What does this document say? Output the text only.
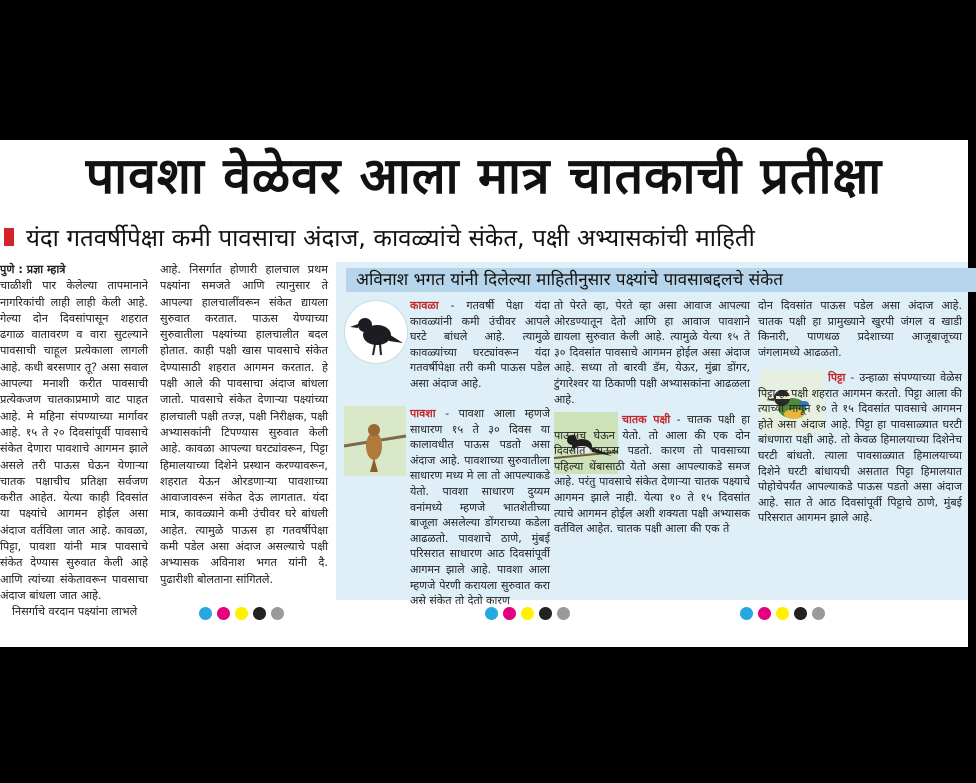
पावशा वेळेवर आला मात्र चातकाची प्रतीक्षा
यंदा गतवर्षीपेक्षा कमी पावसाचा अंदाज, कावळ्यांचे संकेत, पक्षी अभ्यासकांची माहिती

पुणे : प्रज्ञा म्हात्रे

चाळीशी पार केलेल्या तापमानाने नागरिकांची लाही लाही केली आहे. गेल्या दोन दिवसांपासून शहरात ढगाळ वातावरण व वारा सुटल्याने पावसाची चाहूल प्रत्येकाला लागली आहे. कधी बरसणार तू? असा सवाल आपल्या मनाशी करीत पावसाची प्रत्येकजण चातकाप्रमाणे वाट पाहत आहे. मे महिना संपण्याच्या मार्गावर आहे. १५ ते २० दिवसांपूर्वी पावसाचे संकेत देणारा पावशाचे आगमन झाले असले तरी पाऊस घेऊन येणाऱ्या चातक पक्षाचीच प्रतिक्षा सर्वजण करीत आहेत. येत्या काही दिवसांत या पक्ष्यांचे आगमन होईल असा अंदाज वर्तविला जात आहे. कावळा, पिट्टा, पावशा यांनी मात्र पावसाचे संकेत देण्यास सुरुवात केली आहे आणि त्यांच्या संकेतावरून पावसाचा अंदाज बांधला जात आहे.

निसर्गाचे वरदान पक्ष्यांना लाभले

आहे. निसर्गात होणारी हालचाल प्रथम पक्ष्यांना समजते आणि त्यानुसार ते आपल्या हालचालींवरून संकेत द्यायला सुरुवात करतात. पाऊस येण्याच्या सुरुवातीला पक्ष्यांच्या हालचालीत बदल होतात. काही पक्षी खास पावसाचे संकेत देण्यासाठी शहरात आगमन करतात. हे पक्षी आले की पावसाचा अंदाज बांधला जातो. पावसाचे संकेत देणाऱ्या पक्ष्यांच्या हालचाली पक्षी तज्ज्ञ, पक्षी निरीक्षक, पक्षी अभ्यासकांनी टिपण्यास सुरुवात केली आहे. कावळा आपल्या घरट्यांवरून, पिट्टा हिमालयाच्या दिशेने प्रस्थान करण्यावरून, शहरात येऊन ओरडणाऱ्या पावशाच्या आवाजावरून संकेत देऊ लागतात. यंदा मात्र, कावळ्याने कमी उंचीवर घरे बांधली आहेत. त्यामुळे पाऊस हा गतवर्षीपेक्षा कमी पडेल असा अंदाज असल्याचे पक्षी अभ्यासक अविनाश भगत यांनी दै. पुढारीशी बोलताना सांगितले.

अविनाश भगत यांनी दिलेल्या माहितीनुसार पक्ष्यांचे पावसाबद्दलचे संकेत

कावळा - गतवर्षी पेक्षा यंदा कावळ्यांनी कमी उंचीवर आपले घरटे बांधले आहे. त्यामुळे कावळ्यांच्या घरट्यांवरून यंदा गतवर्षीपेक्षा तरी कमी पाऊस पडेल असा अंदाज आहे.

पावशा - पावशा आला म्हणजे साधारण १५ ते ३० दिवस या कालावधीत पाऊस पडतो असा अंदाज आहे. पावशाच्या सुरुवातीला साधारण मध्य मे ला तो आपल्याकडे येतो. पावशा साधारण दुय्यम वनांमध्ये म्हणजे भातशेतीच्या बाजूला असलेल्या डोंगराच्या कडेला आढळतो. पावशाचे ठाणे, मुंबई परिसरात साधारण आठ दिवसांपूर्वी आगमन झाले आहे. पावशा आला म्हणजे पेरणी करायला सुरुवात करा असे संकेत तो देतो कारण

तो पेरते व्हा, पेरते व्हा असा आवाज आपल्या ओरडण्यातून देतो आणि हा आवाज पावशाने द्यायला सुरुवात केली आहे. त्यामुळे येत्या १५ ते ३० दिवसांत पावसाचे आगमन होईल असा अंदाज आहे. सध्या तो बारवी डॅम, येऊर, मुंब्रा डोंगर, टुंगारेश्वर या ठिकाणी पक्षी अभ्यासकांना आढळला आहे.

चातक पक्षी - चातक पक्षी हा पाऊसच घेऊन येतो. तो आला की एक दोन दिवसांत पाऊस पडतो. कारण तो पावसाच्या पहिल्या थेंबासाठी येतो असा आपल्याकडे समज आहे. परंतु पावसाचे संकेत देणाऱ्या चातक पक्ष्याचे आगमन झाले नाही. येत्या १० ते १५ दिवसांत त्याचे आगमन होईल अशी शक्यता पक्षी अभ्यासक वर्तविल आहेत. चातक पक्षी आला की एक ते

दोन दिवसांत पाऊस पडेल असा अंदाज आहे. चातक पक्षी हा प्रामुख्याने खुरपी जंगल व खाडी किनारी, पाणथळ प्रदेशाच्या आजूबाजूच्या जंगलामध्ये आढळतो.

पिट्टा - उन्हाळा संपण्याच्या वेळेस पिट्टा हा पक्षी शहरात आगमन करतो. पिट्टा आला की त्याच्या मागून १० ते १५ दिवसांत पावसाचे आगमन होते असा अंदाज आहे. पिट्टा हा पावसाळ्यात घरटी बांधणारा पक्षी आहे. तो केवळ हिमालयाच्या दिशेनेच घरटी बांधतो. त्याला पावसाळ्यात हिमालयाच्या दिशेने घरटी बांधायची असतात पिट्टा हिमालयात पोहोचेपर्यंत आपल्याकडे पाऊस पडतो असा अंदाज आहे. सात ते आठ दिवसांपूर्वी पिट्टाचे ठाणे, मुंबई परिसरात आगमन झाले आहे.
